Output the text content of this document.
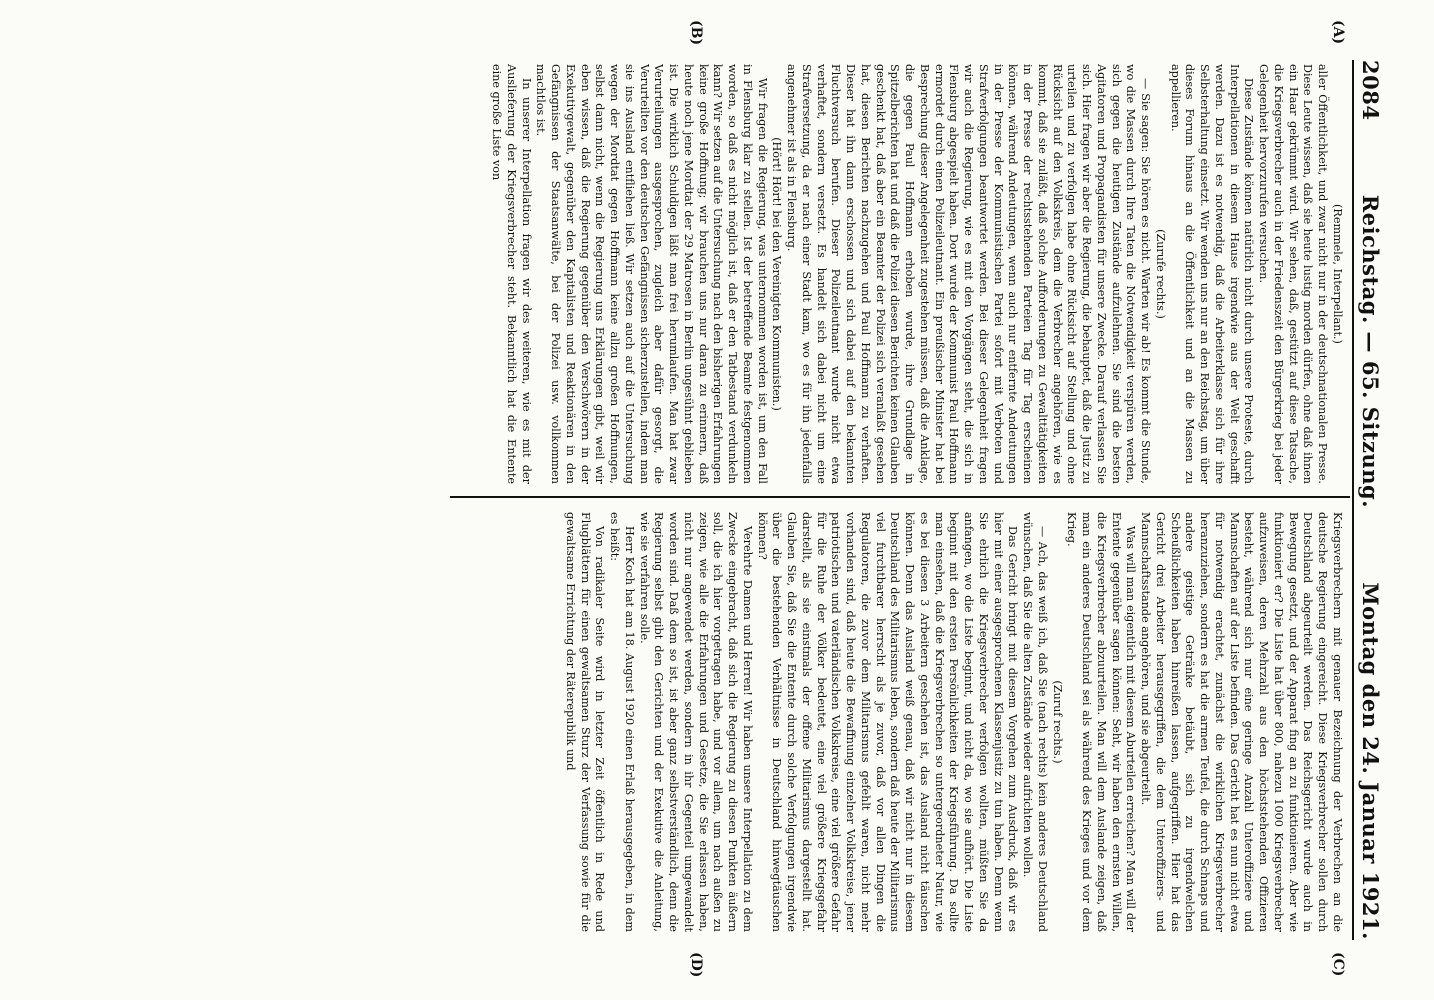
2084
Reichstag. — 65. Sitzung.
Montag den 24. Januar 1921.
(A)
(B)
(C)
(D)

(Remmele, Interpellant.)

aller Öffentlichkeit, und zwar nicht nur in der deutschnationalen Presse. Diese Leute wissen, daß sie heute lustig morden dürfen, ohne daß ihnen ein Haar gekrümmt wird. Wir sehen, daß, gestützt auf diese Tatsache, die Kriegsverbrecher auch in der Friedenszeit den Bürgerkrieg bei jeder Gelegenheit hervorzurufen versuchen.

Diese Zustände können natürlich nicht durch unsere Proteste, durch Interpellationen in diesem Hause irgendwie aus der Welt geschafft werden. Dazu ist es notwendig, daß die Arbeiterklasse sich für ihre Selbsterhaltung einsetzt. Wir wenden uns nur an den Reichstag, um über dieses Forum hinaus an die Öffentlichkeit und an die Massen zu appellieren.

(Zurufe rechts.)

— Sie sagen: Sie hören es nicht. Warten wir ab! Es kommt die Stunde, wo die Massen durch Ihre Taten die Notwendigkeit verspüren werden, sich gegen die heutigen Zustände aufzulehnen. Sie sind die besten Agitatoren und Propagandisten für unsere Zwecke. Darauf verlassen Sie sich. Hier fragen wir aber die Regierung, die behauptet, daß die Justiz zu urteilen und zu verfolgen habe ohne Rücksicht auf Stellung und ohne Rücksicht auf den Volkskreis, dem die Verbrecher angehören, wie es kommt, daß sie zuläßt, daß solche Aufforderungen zu Gewalttätigkeiten in der Presse der rechtsstehenden Parteien Tag für Tag erscheinen können, während Andeutungen, wenn auch nur entfernte Andeutungen in der Presse der Kommunistischen Partei sofort mit Verboten und Strafverfolgungen beantwortet werden. Bei dieser Gelegenheit fragen wir auch die Regierung, wie es mit den Vorgängen steht, die sich in Flensburg abgespielt haben. Dort wurde der Kommunist Paul Hoffmann ermordet durch einen Polizeileutnant. Ein preußischer Minister hat bei Besprechung dieser Angelegenheit zugestehen müssen, daß die Anklage, die gegen Paul Hoffmann erhoben wurde, ihre Grundlage in Spitzelberichten hat und daß die Polizei diesen Berichten keinen Glauben geschenkt hat, daß aber ein Beamter der Polizei sich veranlaßt gesehen hat, diesen Berichten nachzugehen und Paul Hoffmann zu verhaften. Dieser hat ihn dann erschossen und sich dabei auf den bekannten Fluchtversuch berufen. Dieser Polizeileutnant wurde nicht etwa verhaftet, sondern versetzt. Es handelt sich dabei nicht um eine Strafversetzung, da er nach einer Stadt kam, wo es für ihn jedenfalls angenehmer ist als in Flensburg.

(Hört! Hört! bei den Vereinigten Kommunisten.)

Wir fragen die Regierung, was unternommen worden ist, um den Fall in Flensburg klar zu stellen. Ist der betreffende Beamte festgenommen worden, so daß es nicht möglich ist, daß er den Tatbestand verdunkeln kann? Wir setzen auf die Untersuchung nach den bisherigen Erfahrungen keine große Hoffnung; wir brauchen uns nur daran zu erinnern, daß heute noch jene Mordtat der 29 Matrosen in Berlin ungesühnt geblieben ist. Die wirklich Schuldigen läßt man frei herumlaufen. Man hat zwar Verurteilungen ausgesprochen, zugleich aber dafür gesorgt, die Verurteilten vor den deutschen Gefängnissen sicherzustellen, indem man sie ins Ausland entfliehen ließ. Wir setzen auch auf die Untersuchung wegen der Mordtat gegen Hoffmann keine allzu großen Hoffnungen, selbst dann nicht, wenn die Regierung uns Erklärungen gibt, weil wir eben wissen, daß die Regierung gegenüber den Verschwörern in der Exekutivgewalt, gegenüber den Kapitalisten und Reaktionären in den Gefängnissen der Staatsanwälte, bei der Polizei usw. vollkommen machtlos ist.

In unserer Interpellation fragen wir des weiteren, wie es mit der Auslieferung der Kriegsverbrecher steht. Bekanntlich hat die Entente eine große Liste von

Kriegsverbrechern mit genauer Bezeichnung der Verbrechen an die deutsche Regierung eingereicht. Diese Kriegsverbrecher sollen durch Deutschland abgeurteilt werden. Das Reichsgericht wurde auch in Bewegung gesetzt, und der Apparat fing an zu funktionieren. Aber wie funktioniert er? Die Liste hat über 800, nahezu 1000 Kriegsverbrecher aufzuweisen, deren Mehrzahl aus den höchststehenden Offizieren besteht, während sich nur eine geringe Anzahl Unteroffiziere und Mannschaften auf der Liste befinden. Das Gericht hat es nun nicht etwa für notwendig erachtet, zunächst die wirklichen Kriegsverbrecher heranzuziehen, sondern es hat die armen Teufel, die durch Schnaps und andere geistige Getränke betäubt, sich zu irgendwelchen Scheußlichkeiten haben hinreißen lassen, aufgegriffen. Hier hat das Gericht drei Arbeiter herausgegriffen, die dem Unteroffiziers- und Mannschaftsstande angehören, und sie abgeurteilt.

Was will man eigentlich mit diesem Aburteilen erreichen? Man will der Entente gegenüber sagen können: Seht, wir haben den ernsten Willen, die Kriegsverbrecher abzuurteilen. Man will dem Auslande zeigen, daß man ein anderes Deutschland sei als während des Krieges und vor dem Krieg.

(Zuruf rechts.)

— Ach, das weiß ich, daß Sie (nach rechts) kein anderes Deutschland wünschen, daß Sie die alten Zustände wieder aufrichten wollen.

Das Gericht bringt mit diesem Vorgehen zum Ausdruck, daß wir es hier mit einer ausgesprochenen Klassenjustiz zu tun haben. Denn wenn Sie ehrlich die Kriegsverbrecher verfolgen wollten, müßten Sie da anfangen, wo die Liste beginnt, und nicht da, wo sie aufhört. Die Liste beginnt mit den ersten Persönlichkeiten der Kriegsführung. Da sollte man einsehen, daß die Kriegsverbrechen so untergeordneter Natur, wie es bei diesen 3 Arbeitern geschehen ist, das Ausland nicht täuschen können. Denn das Ausland weiß genau, daß wir nicht nur in diesem Deutschland des Militarismus leben, sondern daß heute der Militarismus viel furchtbarer herrscht als je zuvor, daß vor allen Dingen die Regulatoren, die zuvor dem Militarismus gefehlt waren, nicht mehr vorhanden sind, daß heute die Bewaffnung einzelner Volkskreise, jener patriotischen und vaterländischen Volkskreise, eine viel größere Gefahr für die Ruhe der Völker bedeutet, eine viel größere Kriegsgefahr darstellt, als sie einstmals der offene Militarismus dargestellt hat. Glauben Sie, daß Sie die Entente durch solche Verfolgungen irgendwie über die bestehenden Verhältnisse in Deutschland hinwegtäuschen können?

Verehrte Damen und Herren! Wir haben unsere Interpellation zu dem Zwecke eingebracht, daß sich die Regierung zu diesen Punkten äußern soll, die ich hier vorgetragen habe, und vor allem, um nach außen zu zeigen, wie alle die Erfahrungen und Gesetze, die Sie erlassen haben, nicht nur angewendet werden, sondern in ihr Gegenteil umgewandelt worden sind. Daß dem so ist, ist aber ganz selbstverständlich, denn die Regierung selbst gibt den Gerichten und der Exekutive die Anleitung, wie sie verfahren solle.

Herr Koch hat am 18. August 1920 einen Erlaß herausgegeben, in dem es heißt:

Von radikaler Seite wird in letzter Zeit öffentlich in Rede und Flugblättern für einen gewaltsamen Sturz der Verfassung sowie für die gewaltsame Errichtung der Räterepublik und
